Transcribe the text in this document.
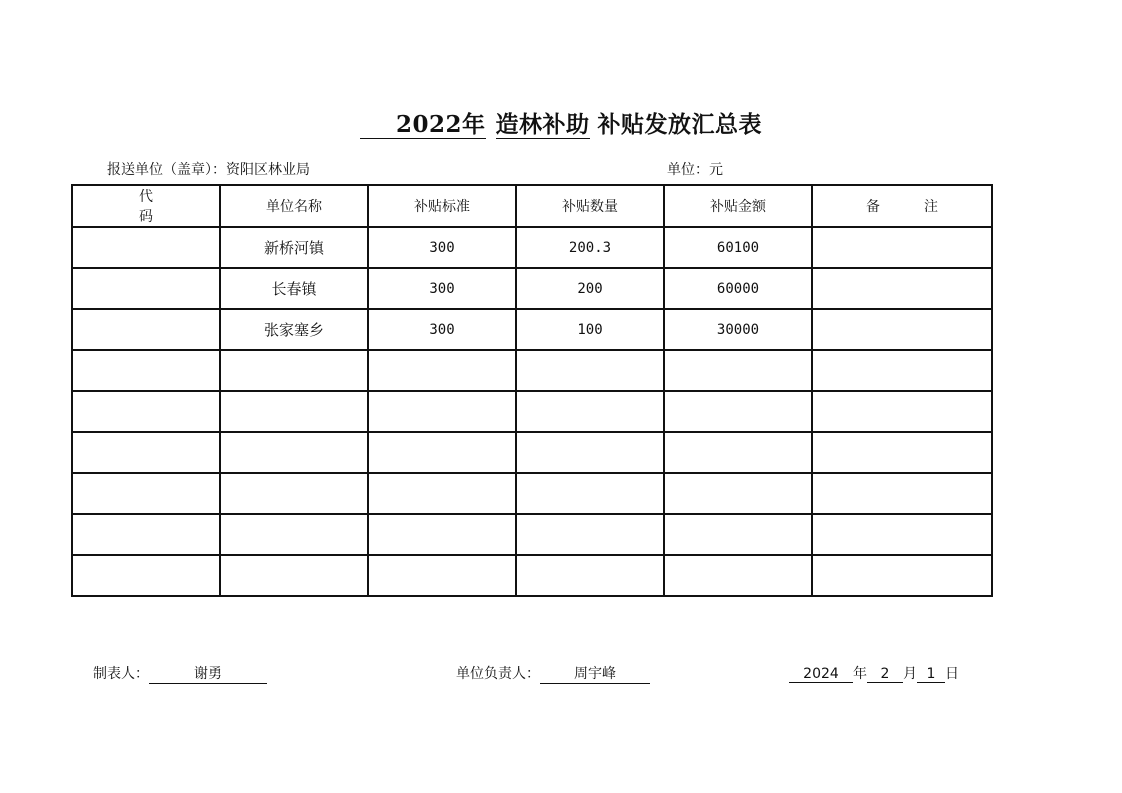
2022年 造林补助 补贴发放汇总表
报送单位（盖章）：资阳区林业局	单位：元
代码	单位名称	补贴标准	补贴数量	补贴金额	备注
	新桥河镇	300	200.3	60100	
	长春镇	300	200	60000	
	张家塞乡	300	100	30000	

制表人：	谢勇	单位负责人： 周宇峰	2024 年 2 月 1 日
